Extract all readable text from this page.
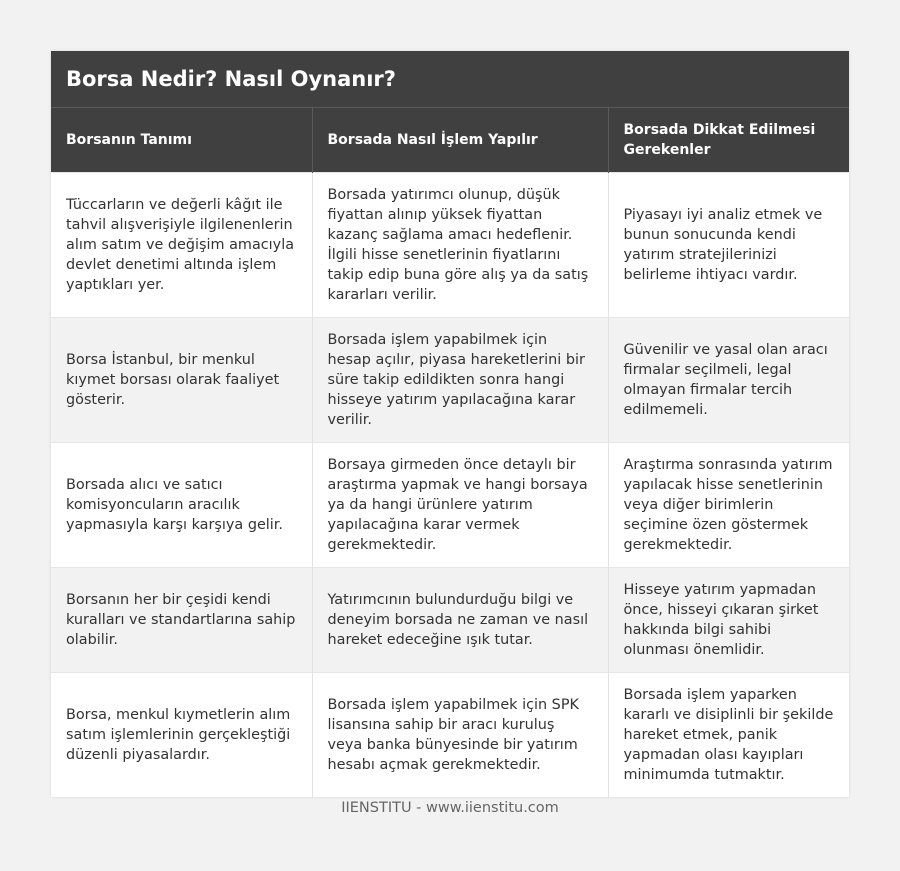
Borsa Nedir? Nasıl Oynanır?
Borsanın Tanımı	Borsada Nasıl İşlem Yapılır	Borsada Dikkat Edilmesi Gerekenler
Tüccarların ve değerli kâğıt ile tahvil alışverişiyle ilgilenenlerin alım satım ve değişim amacıyla devlet denetimi altında işlem yaptıkları yer.	Borsada yatırımcı olunup, düşük fiyattan alınıp yüksek fiyattan kazanç sağlama amacı hedeflenir. İlgili hisse senetlerinin fiyatlarını takip edip buna göre alış ya da satış kararları verilir.	Piyasayı iyi analiz etmek ve bunun sonucunda kendi yatırım stratejilerinizi belirleme ihtiyacı vardır.
Borsa İstanbul, bir menkul kıymet borsası olarak faaliyet gösterir.	Borsada işlem yapabilmek için hesap açılır, piyasa hareketlerini bir süre takip edildikten sonra hangi hisseye yatırım yapılacağına karar verilir.	Güvenilir ve yasal olan aracı firmalar seçilmeli, legal olmayan firmalar tercih edilmemeli.
Borsada alıcı ve satıcı komisyoncuların aracılık yapmasıyla karşı karşıya gelir.	Borsaya girmeden önce detaylı bir araştırma yapmak ve hangi borsaya ya da hangi ürünlere yatırım yapılacağına karar vermek gerekmektedir.	Araştırma sonrasında yatırım yapılacak hisse senetlerinin veya diğer birimlerin seçimine özen göstermek gerekmektedir.
Borsanın her bir çeşidi kendi kuralları ve standartlarına sahip olabilir.	Yatırımcının bulundurduğu bilgi ve deneyim borsada ne zaman ve nasıl hareket edeceğine ışık tutar.	Hisseye yatırım yapmadan önce, hisseyi çıkaran şirket hakkında bilgi sahibi olunması önemlidir.
Borsa, menkul kıymetlerin alım satım işlemlerinin gerçekleştiği düzenli piyasalardır.	Borsada işlem yapabilmek için SPK lisansına sahip bir aracı kuruluş veya banka bünyesinde bir yatırım hesabı açmak gerekmektedir.	Borsada işlem yaparken kararlı ve disiplinli bir şekilde hareket etmek, panik yapmadan olası kayıpları minimumda tutmaktır.
IIENSTITU - www.iienstitu.com
